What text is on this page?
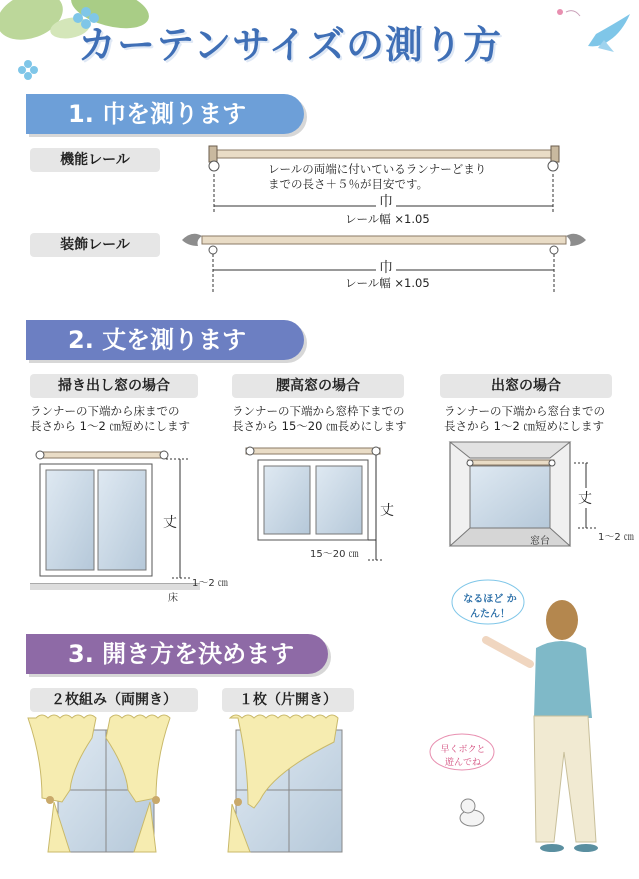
カーテンサイズの測り方
1. 巾を測ります
機能レール
装飾レール
レールの両端に付いているランナーどまり
までの長さ＋５％が目安です。
巾
レール幅 ×1.05
巾
レール幅 ×1.05
2. 丈を測ります
掃き出し窓の場合	腰高窓の場合	出窓の場合
ランナーの下端から床までの
長さから 1〜2 ㎝短めにします
ランナーの下端から窓枠下までの
長さから 15〜20 ㎝長めにします
ランナーの下端から窓台までの
長さから 1〜2 ㎝短めにします
丈
1〜2 ㎝
床
丈
15〜20 ㎝
丈
窓台	1〜2 ㎝
3. 開き方を決めます
２枚組み（両開き）	１枚（片開き）
なるほど かんたん！
早くボクと 遊んでね
